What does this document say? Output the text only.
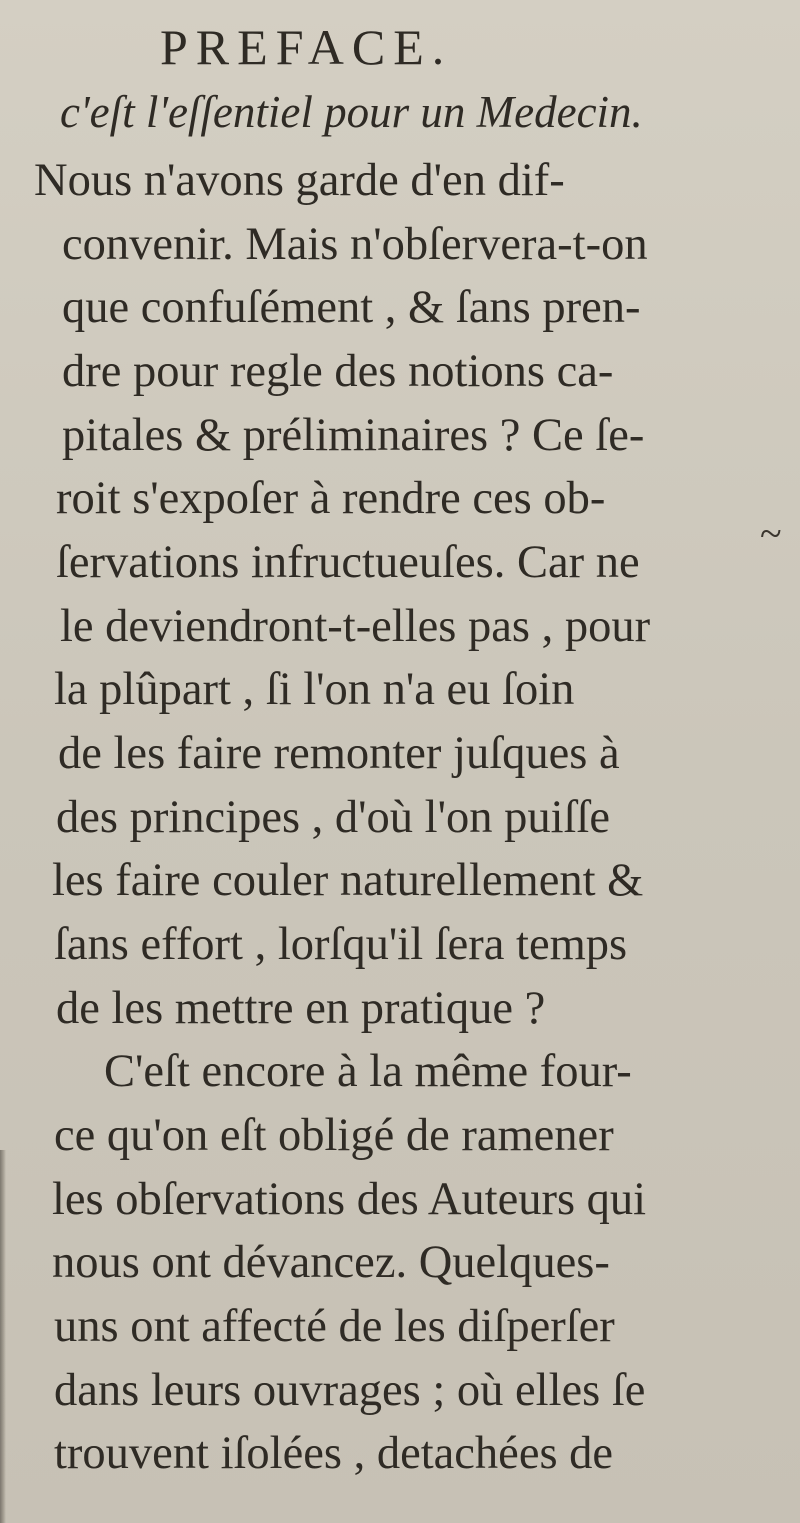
PREFACE.

c'eſt l'eſſentiel pour un Medecin.

Nous n'avons garde d'en dif-

convenir. Mais n'obſervera-t-on

que confuſément , & ſans pren-

dre pour regle des notions ca-

pitales & préliminaires ? Ce ſe-

roit s'expoſer à rendre ces ob-

ſervations infructueuſes. Car ne

le deviendront-t-elles pas , pour

la plûpart , ſi l'on n'a eu ſoin

de les faire remonter juſques à

des principes , d'où l'on puiſſe

les faire couler naturellement &

ſans effort , lorſqu'il ſera temps

de les mettre en pratique ?

C'eſt encore à la même four-

ce qu'on eſt obligé de ramener

les obſervations des Auteurs qui

nous ont dévancez. Quelques-

uns ont affecté de les diſperſer

dans leurs ouvrages ; où elles ſe

trouvent iſolées , detachées de

~
